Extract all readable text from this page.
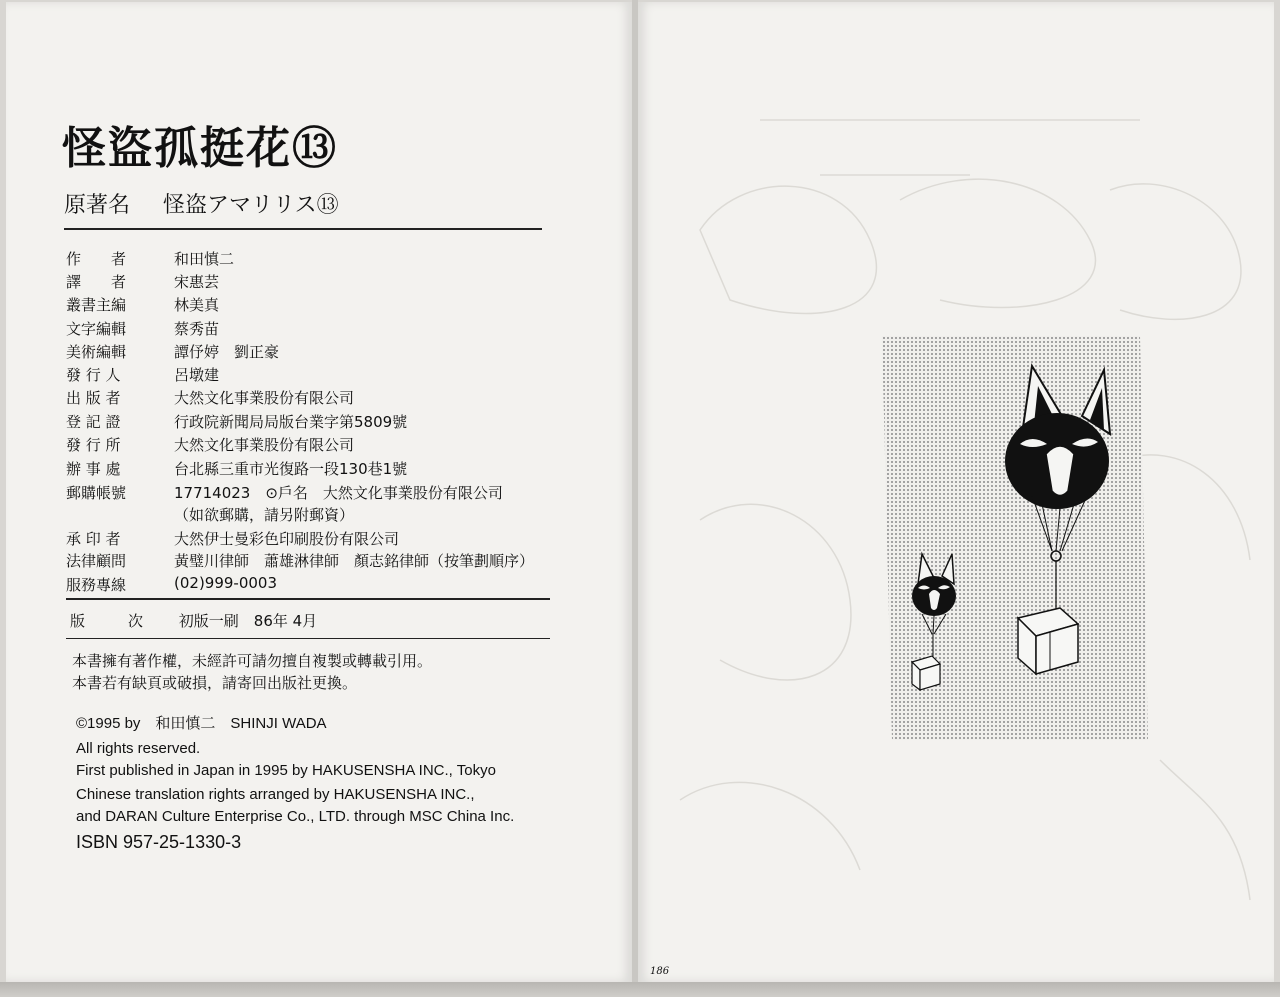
怪盜孤挺花⑬
原著名 怪盗アマリリス⑬
作　　者	和田慎二
譯　　者	宋惠芸
叢書主編	林美真
文字編輯	蔡秀苗
美術編輯	譚伃婷　劉正豪
發 行 人	呂墩建
出 版 者	大然文化事業股份有限公司
登 記 證	行政院新聞局局版台業字第5809號
發 行 所	大然文化事業股份有限公司
辦 事 處	台北縣三重市光復路一段130巷1號
郵購帳號	17714023　⊙戶名　大然文化事業股份有限公司
（如欲郵購，請另附郵資）
承 印 者	大然伊士曼彩色印刷股份有限公司
法律顧問	黃璧川律師　蕭雄淋律師　顏志銘律師（按筆劃順序）
服務專線	(02)999-0003
版　次 初版一刷　86年 4月
本書擁有著作權，未經許可請勿擅自複製或轉載引用。
本書若有缺頁或破損，請寄回出版社更換。
©1995 by　和田慎二　SHINJI WADA
All rights reserved.
First published in Japan in 1995 by HAKUSENSHA INC., Tokyo
Chinese translation rights arranged by HAKUSENSHA INC.,
and DARAN Culture Enterprise Co., LTD. through MSC China Inc.
ISBN 957-25-1330-3
186
